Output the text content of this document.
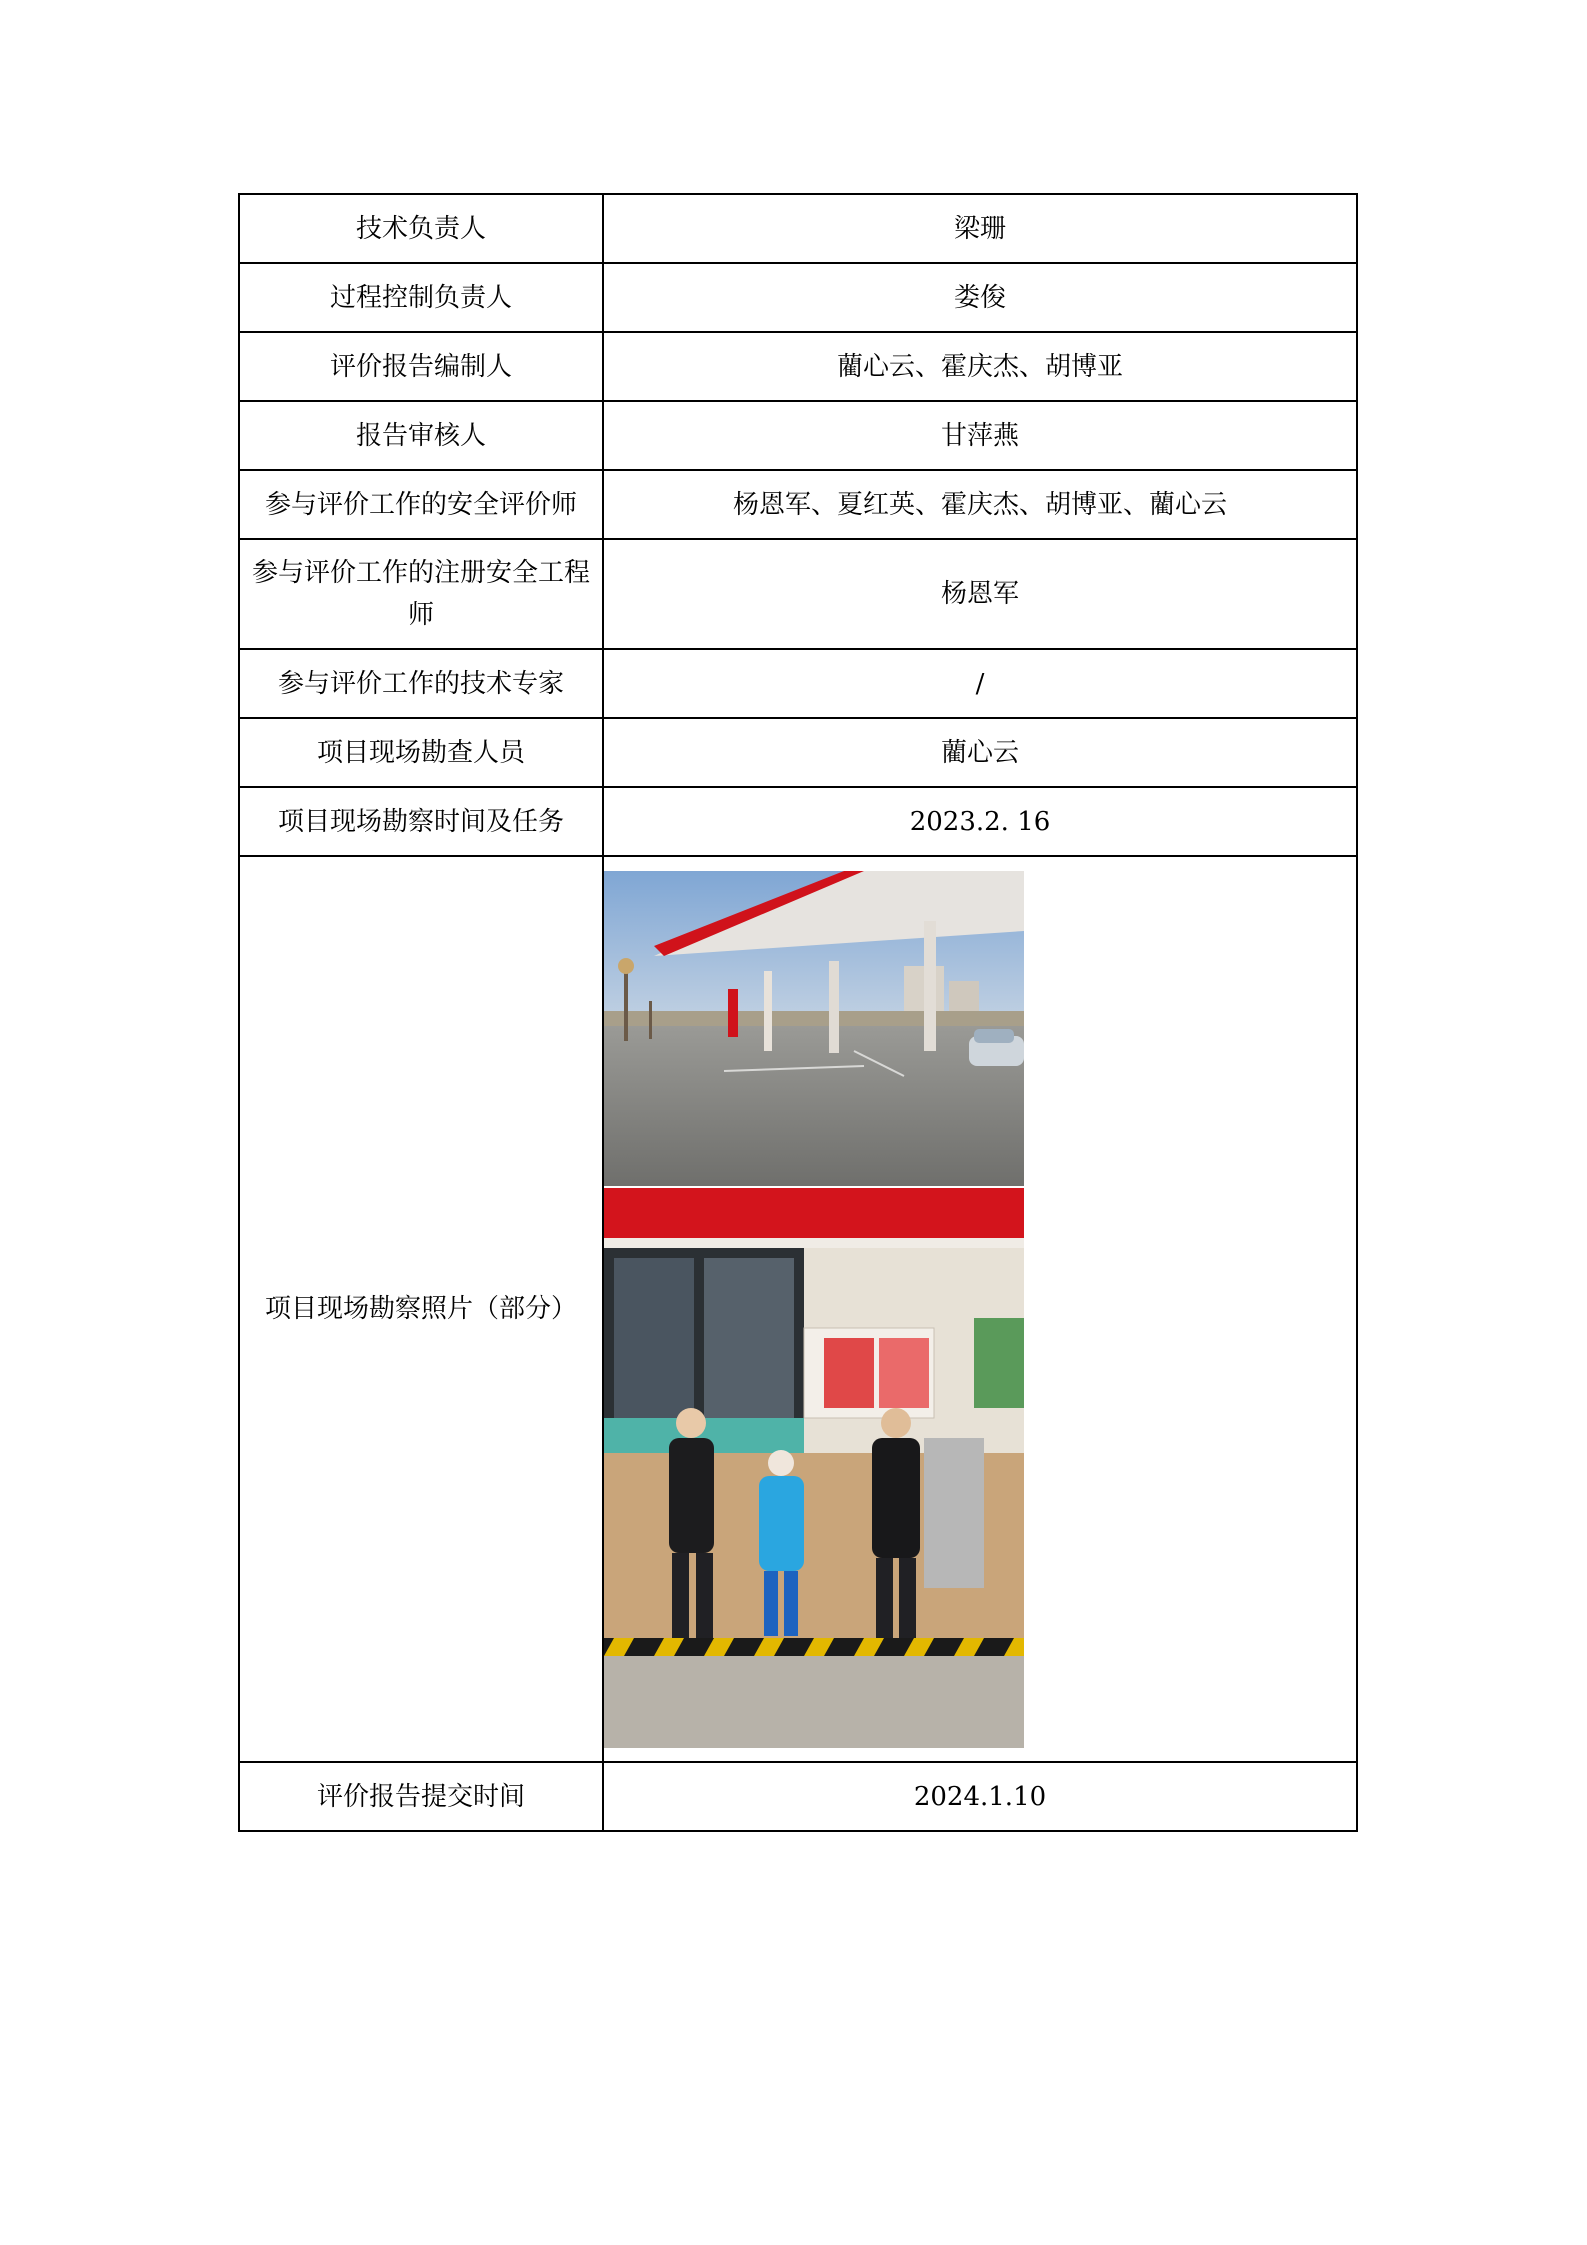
技术负责人	梁珊
过程控制负责人	娄俊
评价报告编制人	藺心云、霍庆杰、胡博亚
报告审核人	甘萍燕
参与评价工作的安全评价师	杨恩军、夏红英、霍庆杰、胡博亚、藺心云
参与评价工作的注册安全工程师	杨恩军
参与评价工作的技术专家	/
项目现场勘查人员	藺心云
项目现场勘察时间及任务	2023.2. 16
项目现场勘察照片（部分）	

评价报告提交时间	2024.1.10
